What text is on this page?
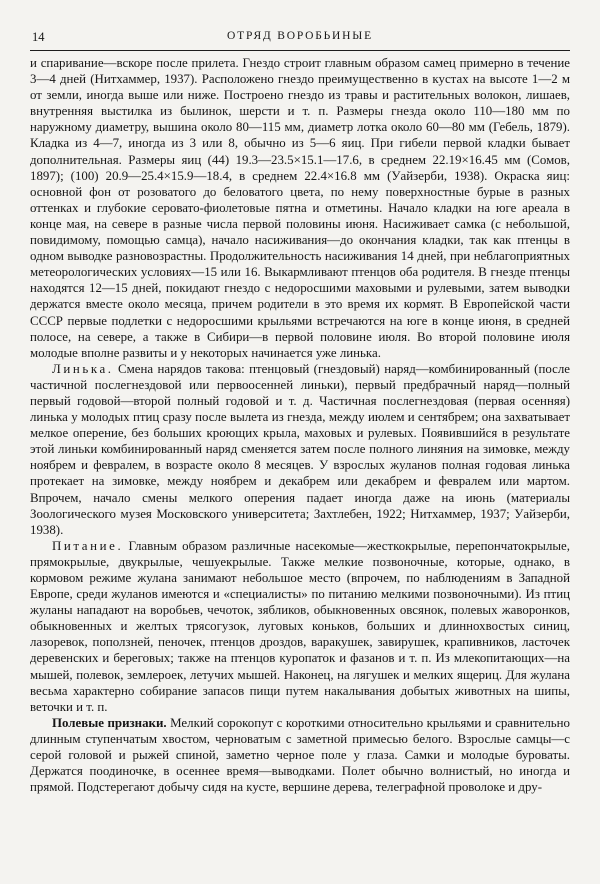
14	ОТРЯД ВОРОБЬИНЫЕ

и спаривание—вскоре после прилета. Гнездо строит главным образом самец примерно в течение 3—4 дней (Нитхаммер, 1937). Расположено гнездо преимущественно в кустах на высоте 1—2 м от земли, иногда выше или ниже. Построено гнездо из травы и растительных волокон, лишаев, внутренняя выстилка из былинок, шерсти и т. п. Размеры гнезда около 110—180 мм по наружному диаметру, вышина около 80—115 мм, диаметр лотка около 60—80 мм (Гебель, 1879). Кладка из 4—7, иногда из 3 или 8, обычно из 5—6 яиц. При гибели первой кладки бывает дополнительная. Размеры яиц (44) 19.3—23.5×15.1—17.6, в среднем 22.19×16.45 мм (Сомов, 1897); (100) 20.9—25.4×15.9—18.4, в среднем 22.4×16.8 мм (Уайзерби, 1938). Окраска яиц: основной фон от розоватого до беловатого цвета, по нему поверхностные бурые в разных оттенках и глубокие серовато-фиолетовые пятна и отметины. Начало кладки на юге ареала в конце мая, на севере в разные числа первой половины июня. Насиживает самка (с небольшой, повидимому, помощью самца), начало насиживания—до окончания кладки, так как птенцы в одном выводке разновозрастны. Продолжительность насиживания 14 дней, при неблагоприятных метеорологических условиях—15 или 16. Выкармливают птенцов оба родителя. В гнезде птенцы находятся 12—15 дней, покидают гнездо с недоросшими маховыми и рулевыми, затем выводки держатся вместе около месяца, причем родители в это время их кормят. В Европейской части СССР первые подлетки с недоросшими крыльями встречаются на юге в конце июня, в средней полосе, на севере, а также в Сибири—в первой половине июля. Во второй половине июля молодые вполне развиты и у некоторых начинается уже линька.

Линька. Смена нарядов такова: птенцовый (гнездовый) наряд—комбинированный (после частичной послегнездовой или первоосенней линьки), первый предбрачный наряд—полный первый годовой—второй полный годовой и т. д. Частичная послегнездовая (первая осенняя) линька у молодых птиц сразу после вылета из гнезда, между июлем и сентябрем; она захватывает мелкое оперение, без больших кроющих крыла, маховых и рулевых. Появившийся в результате этой линьки комбинированный наряд сменяется затем после полного линяния на зимовке, между ноябрем и февралем, в возрасте около 8 месяцев. У взрослых жуланов полная годовая линька протекает на зимовке, между ноябрем и декабрем или декабрем и февралем или мартом. Впрочем, начало смены мелкого оперения падает иногда даже на июнь (материалы Зоологического музея Московского университета; Захтлебен, 1922; Нитхаммер, 1937; Уайзерби, 1938).

Питание. Главным образом различные насекомые—жесткокрылые, перепончатокрылые, прямокрылые, двукрылые, чешуекрылые. Также мелкие позвоночные, которые, однако, в кормовом режиме жулана занимают небольшое место (впрочем, по наблюдениям в Западной Европе, среди жуланов имеются и «специалисты» по питанию мелкими позвоночными). Из птиц жуланы нападают на воробьев, чечоток, зябликов, обыкновенных овсянок, полевых жаворонков, обыкновенных и желтых трясогузок, луговых коньков, больших и длиннохвостых синиц, лазоревок, поползней, пеночек, птенцов дроздов, варакушек, завирушек, крапивников, ласточек деревенских и береговых; также на птенцов куропаток и фазанов и т. п. Из млекопитающих—на мышей, полевок, землероек, летучих мышей. Наконец, на лягушек и мелких ящериц. Для жулана весьма характерно собирание запасов пищи путем накалывания добытых животных на шипы, веточки и т. п.

Полевые признаки. Мелкий сорокопут с короткими относительно крыльями и сравнительно длинным ступенчатым хвостом, черноватым с заметной примесью белого. Взрослые самцы—с серой головой и рыжей спиной, заметно черное поле у глаза. Самки и молодые буроваты. Держатся поодиночке, в осеннее время—выводками. Полет обычно волнистый, но иногда и прямой. Подстерегают добычу сидя на кусте, вершине дерева, телеграфной проволоке и дру-
